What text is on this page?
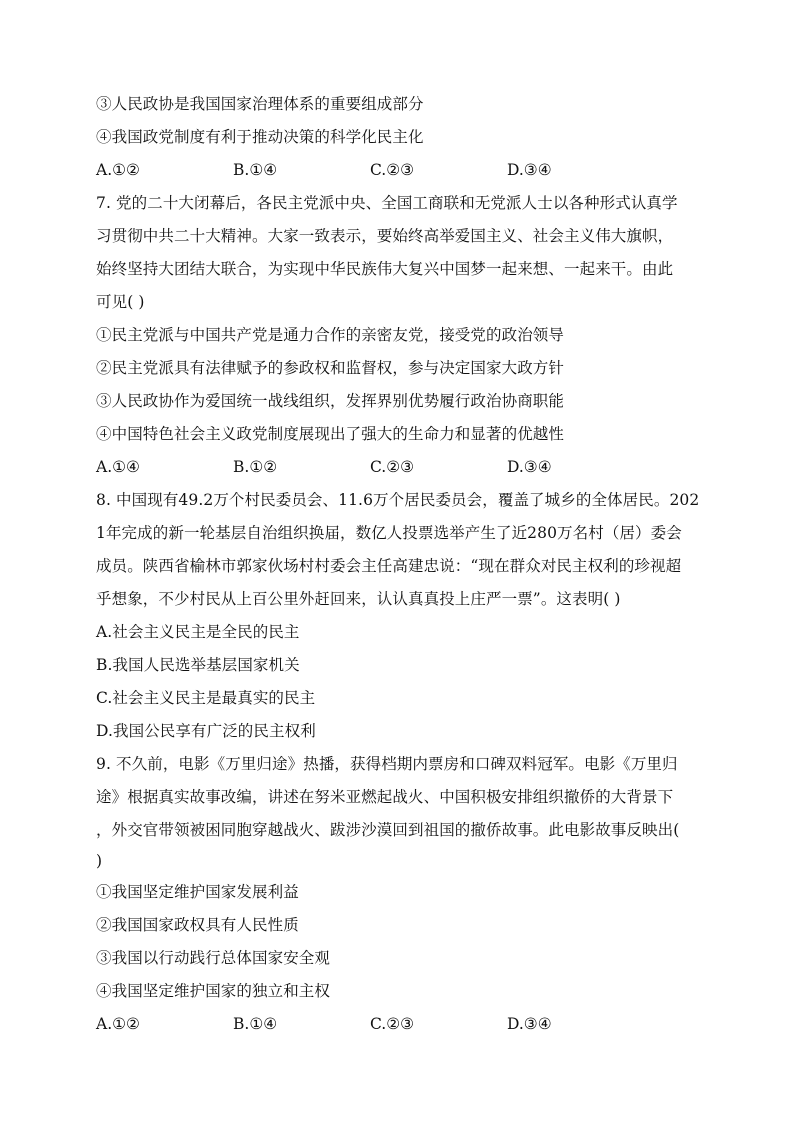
③人民政协是我国国家治理体系的重要组成部分
④我国政党制度有利于推动决策的科学化民主化
A.①②	B.①④	C.②③	D.③④
7. 党的二十大闭幕后，各民主党派中央、全国工商联和无党派人士以各种形式认真学
习贯彻中共二十大精神。大家一致表示，要始终高举爱国主义、社会主义伟大旗帜，
始终坚持大团结大联合，为实现中华民族伟大复兴中国梦一起来想、一起来干。由此
可见( )
①民主党派与中国共产党是通力合作的亲密友党，接受党的政治领导
②民主党派具有法律赋予的参政权和监督权，参与决定国家大政方针
③人民政协作为爱国统一战线组织，发挥界别优势履行政治协商职能
④中国特色社会主义政党制度展现出了强大的生命力和显著的优越性
A.①④	B.①②	C.②③	D.③④
8. 中国现有49.2万个村民委员会、11.6万个居民委员会，覆盖了城乡的全体居民。202
1年完成的新一轮基层自治组织换届，数亿人投票选举产生了近280万名村（居）委会
成员。陕西省榆林市郭家伙场村村委会主任高建忠说：“现在群众对民主权利的珍视超
乎想象，不少村民从上百公里外赶回来，认认真真投上庄严一票”。这表明( )
A.社会主义民主是全民的民主
B.我国人民选举基层国家机关
C.社会主义民主是最真实的民主
D.我国公民享有广泛的民主权利
9. 不久前，电影《万里归途》热播，获得档期内票房和口碑双料冠军。电影《万里归
途》根据真实故事改编，讲述在努米亚燃起战火、中国积极安排组织撤侨的大背景下
，外交官带领被困同胞穿越战火、跋涉沙漠回到祖国的撤侨故事。此电影故事反映出(
)
①我国坚定维护国家发展利益
②我国国家政权具有人民性质
③我国以行动践行总体国家安全观
④我国坚定维护国家的独立和主权
A.①②	B.①④	C.②③	D.③④
